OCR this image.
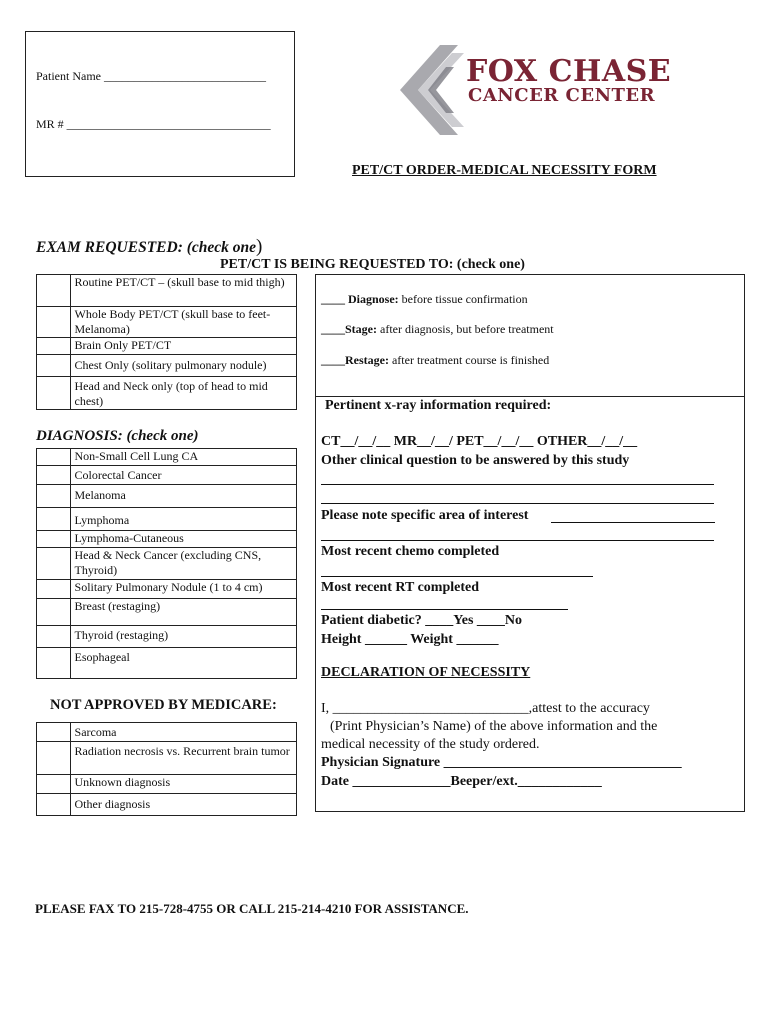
Patient Name ___________________________
MR # __________________________________
FOX CHASE
CANCER CENTER
PET/CT ORDER-MEDICAL NECESSITY FORM
EXAM REQUESTED: (check one)
	Routine PET/CT – (skull base to mid thigh)
	Whole Body PET/CT (skull base to feet- Melanoma)
	Brain Only PET/CT
	Chest Only (solitary pulmonary nodule)
	Head and Neck only (top of head to mid chest)
PET/CT IS BEING REQUESTED TO: (check one)
____ Diagnose: before tissue confirmation
____Stage: after diagnosis, but before treatment
____Restage: after treatment course is finished
Pertinent x-ray information required:
CT__/__/__ MR__/__/ PET__/__/__ OTHER__/__/__
Other clinical question to be answered by this study
Please note specific area of interest
Most recent chemo completed
Most recent RT completed
Patient diabetic? ____Yes ____No
Height ______ Weight ______
DECLARATION OF NECESSITY
I, ____________________________,attest to the accuracy
(Print Physician’s Name) of the above information and the
medical necessity of the study ordered.
Physician Signature __________________________________
Date ______________Beeper/ext.____________
DIAGNOSIS: (check one)
	Non-Small Cell Lung CA
	Colorectal Cancer
	Melanoma
	Lymphoma
	Lymphoma-Cutaneous
	Head & Neck Cancer (excluding CNS, Thyroid)
	Solitary Pulmonary Nodule (1 to 4 cm)
	Breast (restaging)
	Thyroid (restaging)
	Esophageal
NOT APPROVED BY MEDICARE:
	Sarcoma
	Radiation necrosis vs. Recurrent brain tumor
	Unknown diagnosis
	Other diagnosis
PLEASE FAX TO 215-728-4755 OR CALL 215-214-4210 FOR ASSISTANCE.
